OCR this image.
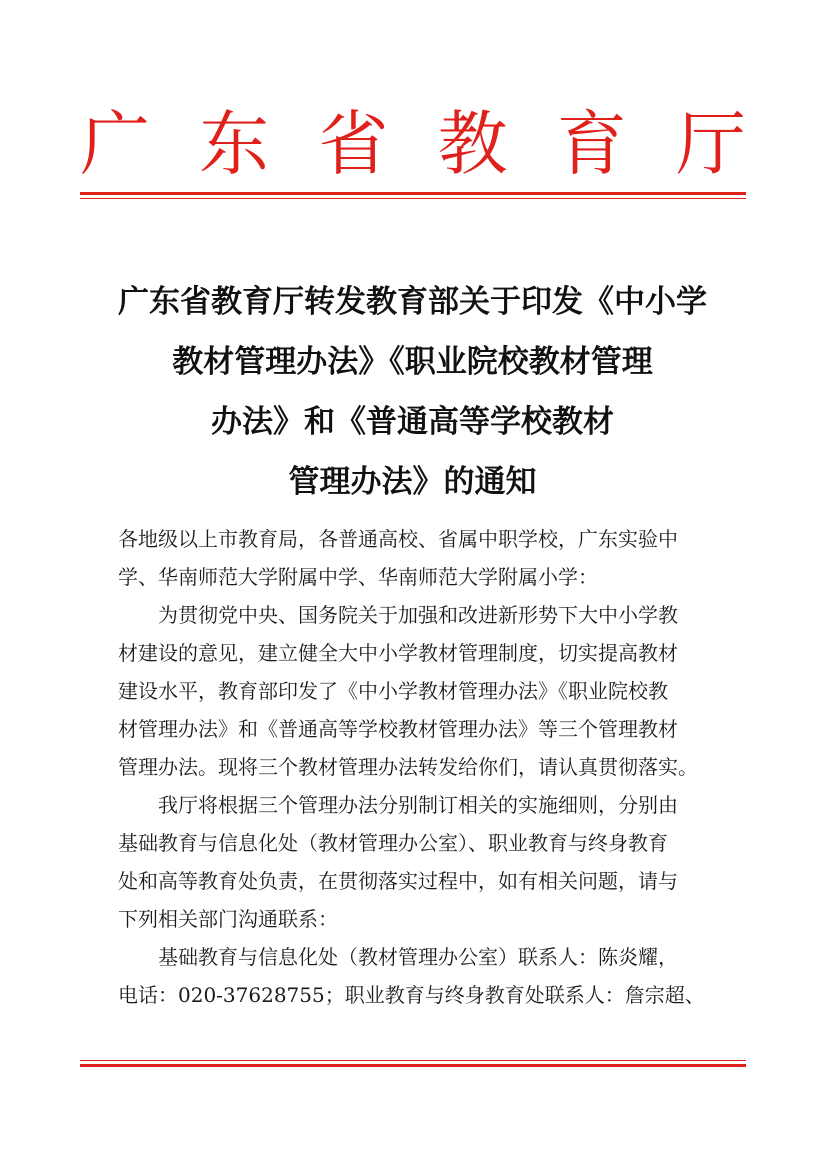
广 东 省 教 育 厅
广东省教育厅转发教育部关于印发《中小学
教材管理办法》《职业院校教材管理
办法》和《普通高等学校教材
管理办法》的通知

各地级以上市教育局，各普通高校、省属中职学校，广东实验中
学、华南师范大学附属中学、华南师范大学附属小学：

为贯彻党中央、国务院关于加强和改进新形势下大中小学教
材建设的意见，建立健全大中小学教材管理制度，切实提高教材
建设水平，教育部印发了《中小学教材管理办法》《职业院校教
材管理办法》和《普通高等学校教材管理办法》等三个管理教材
管理办法。现将三个教材管理办法转发给你们，请认真贯彻落实。

我厅将根据三个管理办法分别制订相关的实施细则，分别由
基础教育与信息化处（教材管理办公室）、职业教育与终身教育
处和高等教育处负责，在贯彻落实过程中，如有相关问题，请与
下列相关部门沟通联系：

基础教育与信息化处（教材管理办公室）联系人：陈炎耀，
电话：020-37628755；职业教育与终身教育处联系人：詹宗超、
